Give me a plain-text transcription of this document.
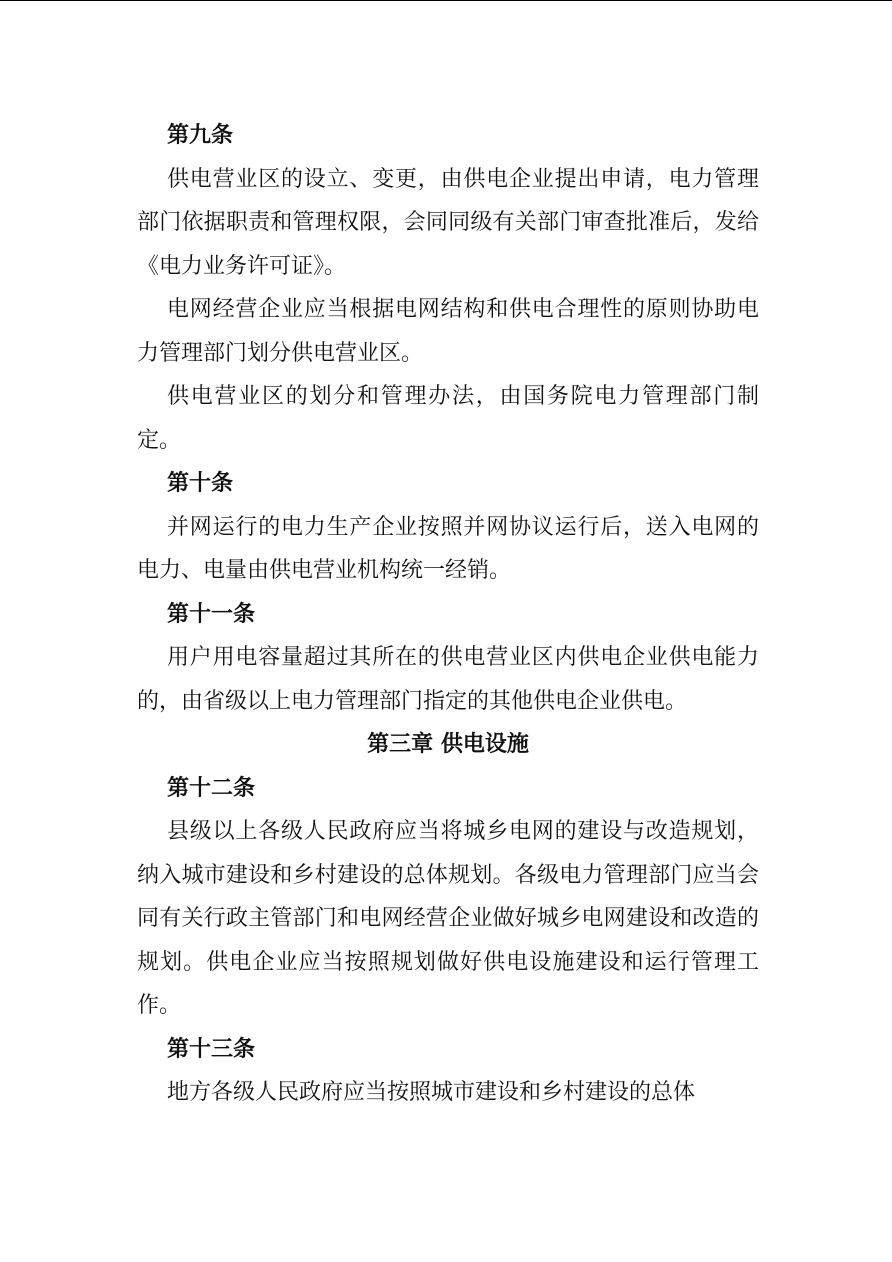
第九条

供电营业区的设立、变更，由供电企业提出申请，电力管理部门依据职责和管理权限，会同同级有关部门审查批准后，发给《电力业务许可证》。

电网经营企业应当根据电网结构和供电合理性的原则协助电力管理部门划分供电营业区。

供电营业区的划分和管理办法，由国务院电力管理部门制定。

第十条

并网运行的电力生产企业按照并网协议运行后，送入电网的电力、电量由供电营业机构统一经销。

第十一条

用户用电容量超过其所在的供电营业区内供电企业供电能力的，由省级以上电力管理部门指定的其他供电企业供电。

第三章 供电设施

第十二条

县级以上各级人民政府应当将城乡电网的建设与改造规划，纳入城市建设和乡村建设的总体规划。各级电力管理部门应当会同有关行政主管部门和电网经营企业做好城乡电网建设和改造的规划。供电企业应当按照规划做好供电设施建设和运行管理工作。

第十三条

地方各级人民政府应当按照城市建设和乡村建设的总体
